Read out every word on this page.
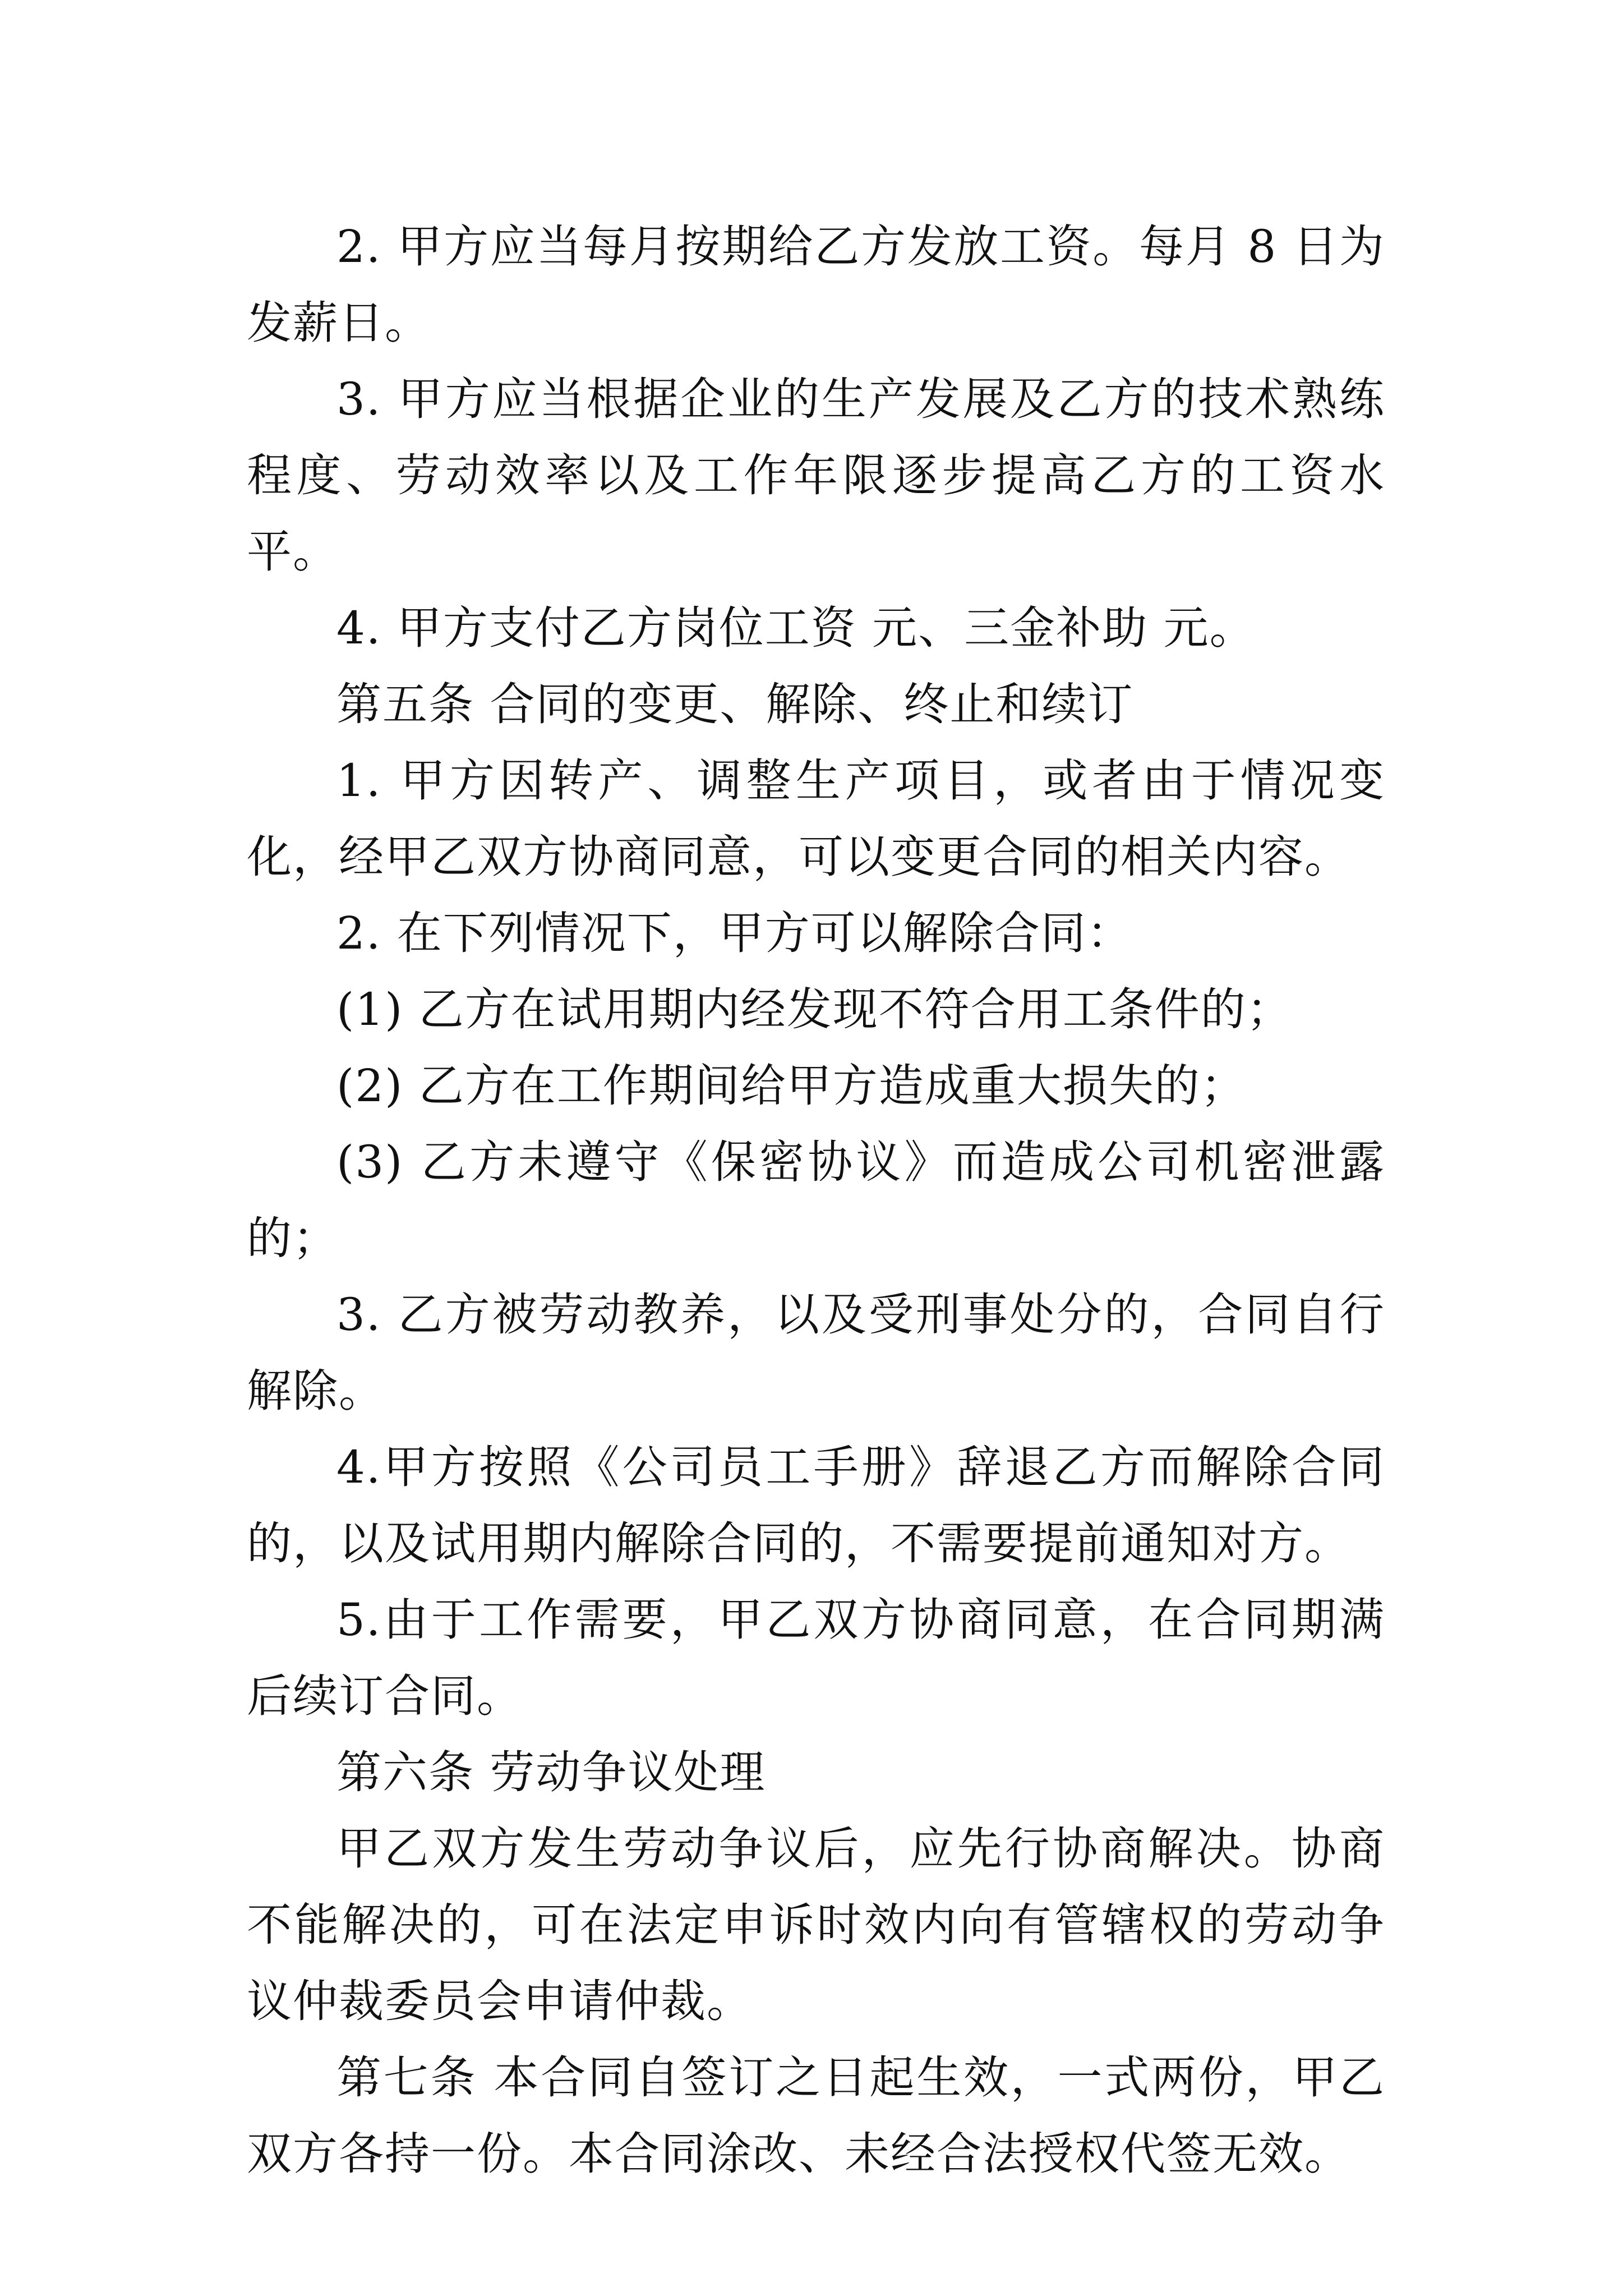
2. 甲方应当每月按期给乙方发放工资。每月 8 日为发薪日。

3. 甲方应当根据企业的生产发展及乙方的技术熟练程度、劳动效率以及工作年限逐步提高乙方的工资水平。

4. 甲方支付乙方岗位工资 元、三金补助 元。

第五条 合同的变更、解除、终止和续订

1. 甲方因转产、调整生产项目，或者由于情况变化，经甲乙双方协商同意，可以变更合同的相关内容。

2. 在下列情况下，甲方可以解除合同：

(1) 乙方在试用期内经发现不符合用工条件的；

(2) 乙方在工作期间给甲方造成重大损失的；

(3) 乙方未遵守《保密协议》而造成公司机密泄露的；

3. 乙方被劳动教养，以及受刑事处分的，合同自行解除。

4.甲方按照《公司员工手册》辞退乙方而解除合同的，以及试用期内解除合同的，不需要提前通知对方。

5.由于工作需要，甲乙双方协商同意，在合同期满后续订合同。

第六条 劳动争议处理

甲乙双方发生劳动争议后，应先行协商解决。协商不能解决的，可在法定申诉时效内向有管辖权的劳动争议仲裁委员会申请仲裁。

第七条 本合同自签订之日起生效，一式两份，甲乙双方各持一份。本合同涂改、未经合法授权代签无效。
